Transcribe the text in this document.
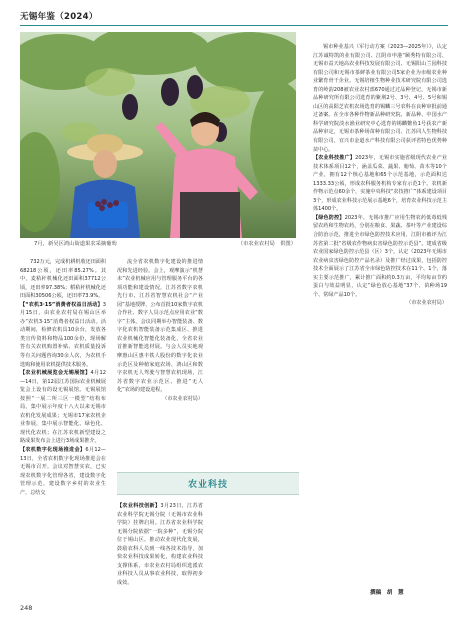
无锡年鉴（2024）
7月，新吴区鸿山街道果农采摘葡萄	（市农业农村局　供图）

732万元，完成机耕机收还田面积68218公顷，还田率85.27%。其中，麦秸秆机械化还田面积37712公顷，还田率97.38%；稻秸秆机械化还田面积30506公顷，还田率73.9%。

【“农机3·15”消费者权益日活动】3月15日，由农业农村局在锡山区举办“农机3·15”消费者权益日活动。活动期间，检修农机具10余台，发放各类宣传资料和物品100余份，现场解答有关农机购置补贴、农机质量投诉等有关问题咨询30余人次，为农机手选购和使用农机提供技术服务。

【农业机械展览会无锡展馆】4月12—14日，第12届江苏国际农业机械展览会上设有的设无锡展馆。无锡展馆按照“一展二所三区一模型”结构布局，集中展示年度十八大以来无锡市农机化发展成果；无锡市17家农机企业参展，集中展示智能化、绿色化、现代化农机；在江苏农机新型建设之路成果发布会上进行3场成果推介。

【农机数字化现场推进会】6月12—13日，全省农机数字化现场推进会在无锡市召开。会议对智慧实农，已实现农机数字化管理各省，建设数字化管理示范，建设数字乡村的农业生产，总结交

流全省农机数字化建设的推进情况和先进经验。会上，观摩演示“机慧未”农业机械应用与管理服务平台的各项功能和建设情况，江苏省数字农机先行市、江苏省智慧农机社会“产业园”基地授牌，公布首批10家数字农机合作社、数字人员示范点应用农业“数字”主体。会议同期举办智能装备、数字化农机智能装备示范集成区、推进农业机械化智能化装备化，全省农业首推新智能选材展。与会人员实地观摩惠山区惠丰铁人股份的数字化农业示范区及种植家庭农场、鸿山区和数字农机无人驾驶与智慧农机现场，江苏省数字农业示范区、推进“无人化”农场的建设进程。

（市农业农村局）

农业科技

【农业科技创新】3月23日，江苏省农业科学院无锡分院（无锡市农业科学院）挂牌启用。江苏省农业科学院无锡分院依据“一院多种”，无锡分院位于锡山区。推动农业现代化发展，鼓励农科人员到一线各技术指导，加快农业科技成果转化，构建农业科技支撑体系，市农业农村局组织选派农业科技人员从事农业科技，取得初步成效。

锡市种业基兴（军行动方案（2023—2025年）》，认定江苏诚特凯的业有限公司、江阴市申港“颐秀特有限公司、无锡市益天地高农业科技发展有限公司、无锡阳山兰园科技有限公司和无锡市茶鲜茶业有限公司5家企业为市级农业种业繁育骨干企业。无锡培植生物种业技术研究院有限公司选育的岭韵208被农业农村部670通过过品种登记，无锡市新品种研究所有限公司选育的紫荆2号、3号、4号、5号和锡山区的高阳芝农机农场选育的锡麟三号农科在良种审批前通过备案。在全市各种作物新品种研究院、新品种、中国水产科学研究院淡水渔业研究中心选育的锡麟鳖鱼1号获农产新品种审定，无锡市茶种场苗种有限公司、江苏同人生物科技有限公司，宜兴市金道水产科技有限公司获评省特色优势种苗中心。

【农业科技推广】2023年，无锡市实施省级现代农业产业技术体系项目12个，涵盖瓜菜、蔬果、葡萄、苗木等10个产业，拥有12个核心基地和65个示范基地，示范面积达1333.33公顷，形成农科服务机构专家有示范1个、农机新作物示范点60余个，实施中央科技“农技推广”体系建设项目3个，形成农业科技示范展示基地6个，培育农业科技示范主体1400个。

【绿色防控】2023年，无锡市推广应用生物农药低毒低残留农药和生物农药，分别在粮食、果蔬、茶叶等产业建设综合防治示范，推进全市绿色防控技术应用，江阴市被评为江苏省第二批“省级农作物病虫害绿色防控示范县”。建成省级农业国家绿色防控示范县（区）3个，认定（2023年无锡市农业病虫害绿色防控产品名录）及推广经过成果，包括防控技术全面展示了江苏省全市绿色防控技术在11个、1个，落实主要示范推广，累计推广面积约0.3万亩，平均每亩节约蛋白与效益明显，认定“绿色放心基地”37个、苗种场19个、常绿产品10个。

（市农业农村局）

撰稿　胡　慧
248
